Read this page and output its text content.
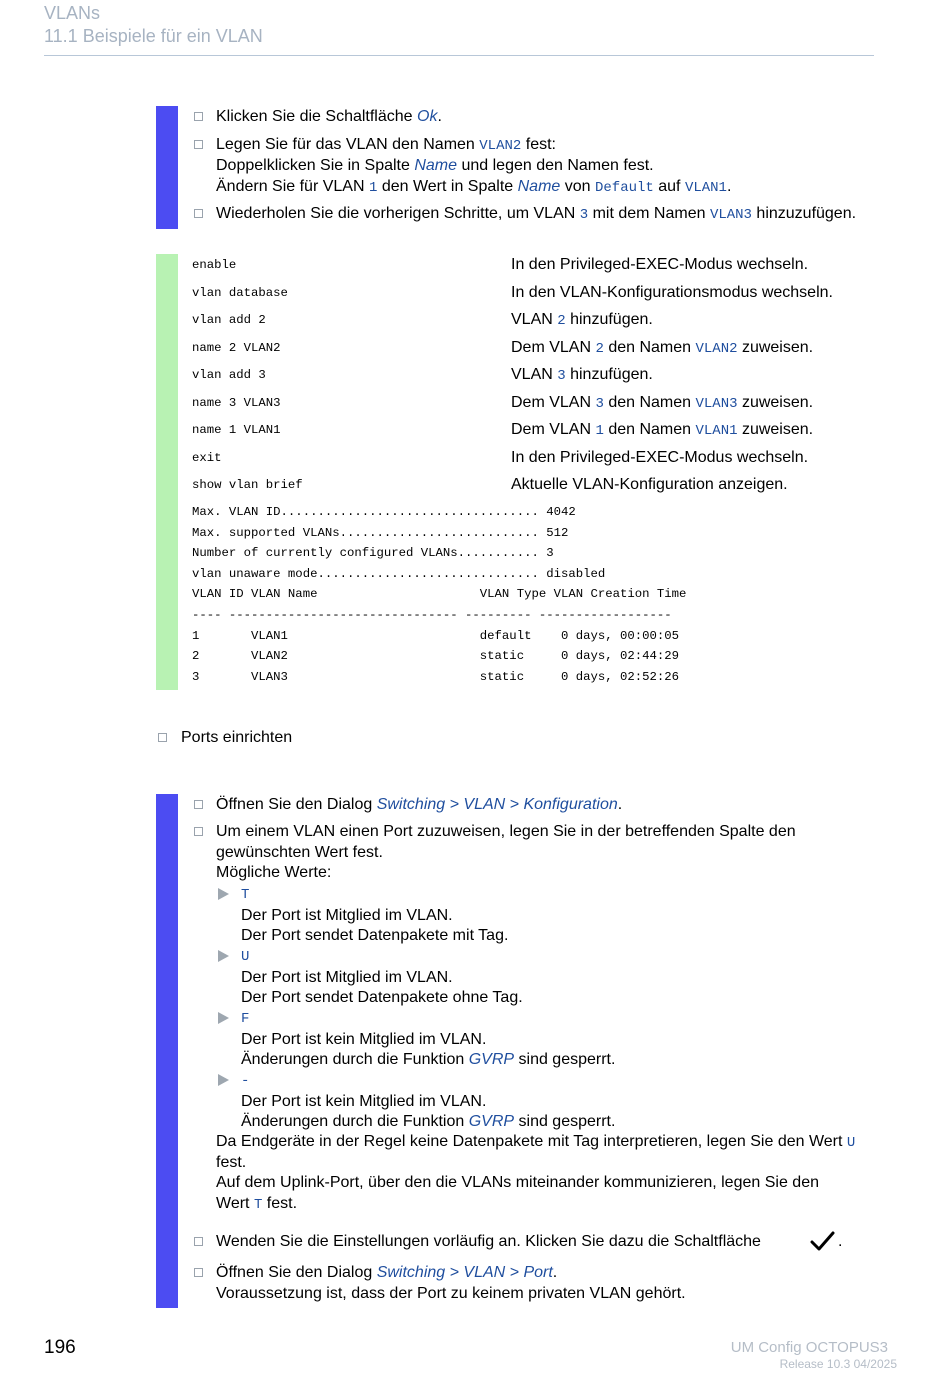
VLANs
11.1 Beispiele für ein VLAN
Klicken Sie die Schaltfläche Ok.
Legen Sie für das VLAN den Namen VLAN2 fest:
Doppelklicken Sie in Spalte Name und legen den Namen fest.
Ändern Sie für VLAN 1 den Wert in Spalte Name von Default auf VLAN1.
Wiederholen Sie die vorherigen Schritte, um VLAN 3 mit dem Namen VLAN3 hinzuzufügen.
enable	In den Privileged-EXEC-Modus wechseln.
vlan database	In den VLAN-Konfigurationsmodus wechseln.
vlan add 2	VLAN 2 hinzufügen.
name 2 VLAN2	Dem VLAN 2 den Namen VLAN2 zuweisen.
vlan add 3	VLAN 3 hinzufügen.
name 3 VLAN3	Dem VLAN 3 den Namen VLAN3 zuweisen.
name 1 VLAN1	Dem VLAN 1 den Namen VLAN1 zuweisen.
exit	In den Privileged-EXEC-Modus wechseln.
show vlan brief	Aktuelle VLAN-Konfiguration anzeigen.
Max. VLAN ID................................... 4042
Max. supported VLANs........................... 512
Number of currently configured VLANs........... 3
vlan unaware mode.............................. disabled
VLAN ID VLAN Name                      VLAN Type VLAN Creation Time
---- ------------------------------- --------- ------------------
1       VLAN1                          default    0 days, 00:00:05
2       VLAN2                          static     0 days, 02:44:29
3       VLAN3                          static     0 days, 02:52:26
Ports einrichten
Öffnen Sie den Dialog Switching > VLAN > Konfiguration.
Um einem VLAN einen Port zuzuweisen, legen Sie in der betreffenden Spalte den
gewünschten Wert fest.
Mögliche Werte:
T
Der Port ist Mitglied im VLAN.
Der Port sendet Datenpakete mit Tag.
U
Der Port ist Mitglied im VLAN.
Der Port sendet Datenpakete ohne Tag.
F
Der Port ist kein Mitglied im VLAN.
Änderungen durch die Funktion GVRP sind gesperrt.
-
Der Port ist kein Mitglied im VLAN.
Änderungen durch die Funktion GVRP sind gesperrt.
Da Endgeräte in der Regel keine Datenpakete mit Tag interpretieren, legen Sie den Wert U
fest.
Auf dem Uplink-Port, über den die VLANs miteinander kommunizieren, legen Sie den
Wert T fest.
Wenden Sie die Einstellungen vorläufig an. Klicken Sie dazu die Schaltfläche	.
Öffnen Sie den Dialog Switching > VLAN > Port.
Voraussetzung ist, dass der Port zu keinem privaten VLAN gehört.
196	UM Config OCTOPUS3
Release 10.3 04/2025
